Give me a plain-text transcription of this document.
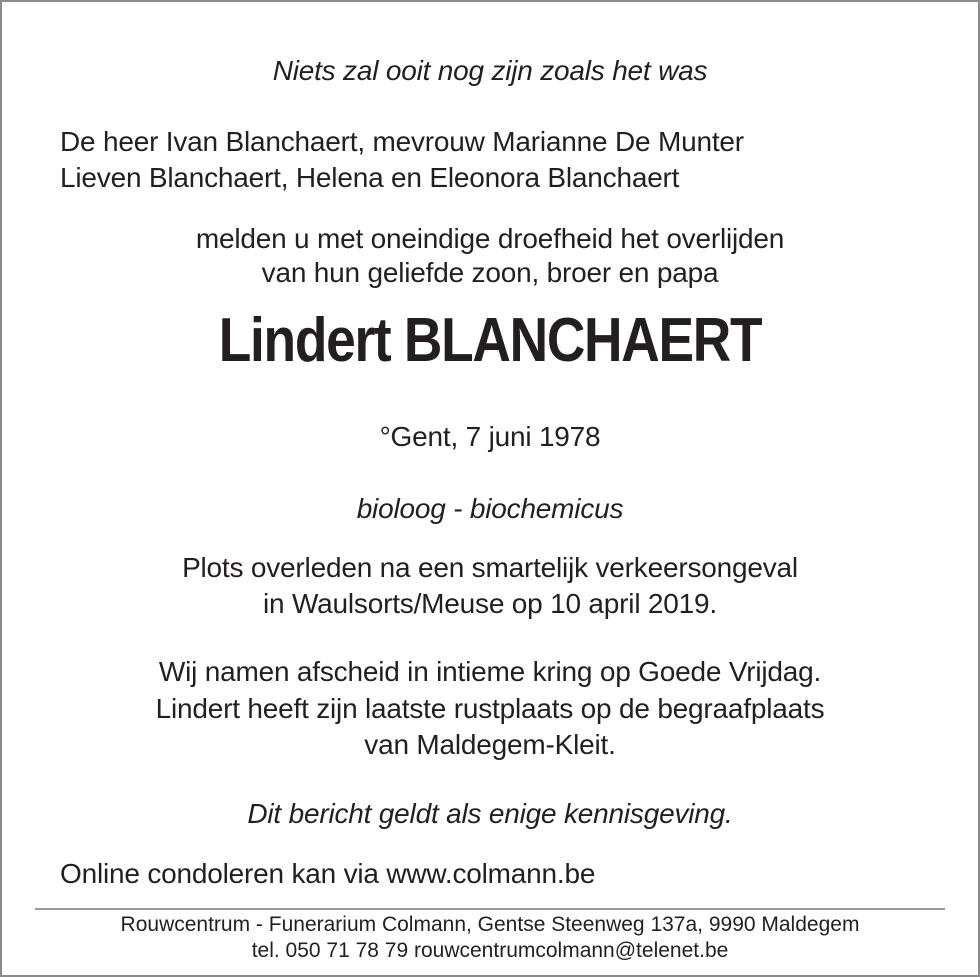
Niets zal ooit nog zijn zoals het was
De heer Ivan Blanchaert, mevrouw Marianne De Munter
Lieven Blanchaert, Helena en Eleonora Blanchaert
melden u met oneindige droefheid het overlijden
van hun geliefde zoon, broer en papa
Lindert BLANCHAERT
°Gent, 7 juni 1978
bioloog - biochemicus
Plots overleden na een smartelijk verkeersongeval
in Waulsorts/Meuse op 10 april 2019.
Wij namen afscheid in intieme kring op Goede Vrijdag.
Lindert heeft zijn laatste rustplaats op de begraafplaats
van Maldegem-Kleit.
Dit bericht geldt als enige kennisgeving.
Online condoleren kan via www.colmann.be
Rouwcentrum - Funerarium Colmann, Gentse Steenweg 137a, 9990 Maldegem
tel. 050 71 78 79 rouwcentrumcolmann@telenet.be
